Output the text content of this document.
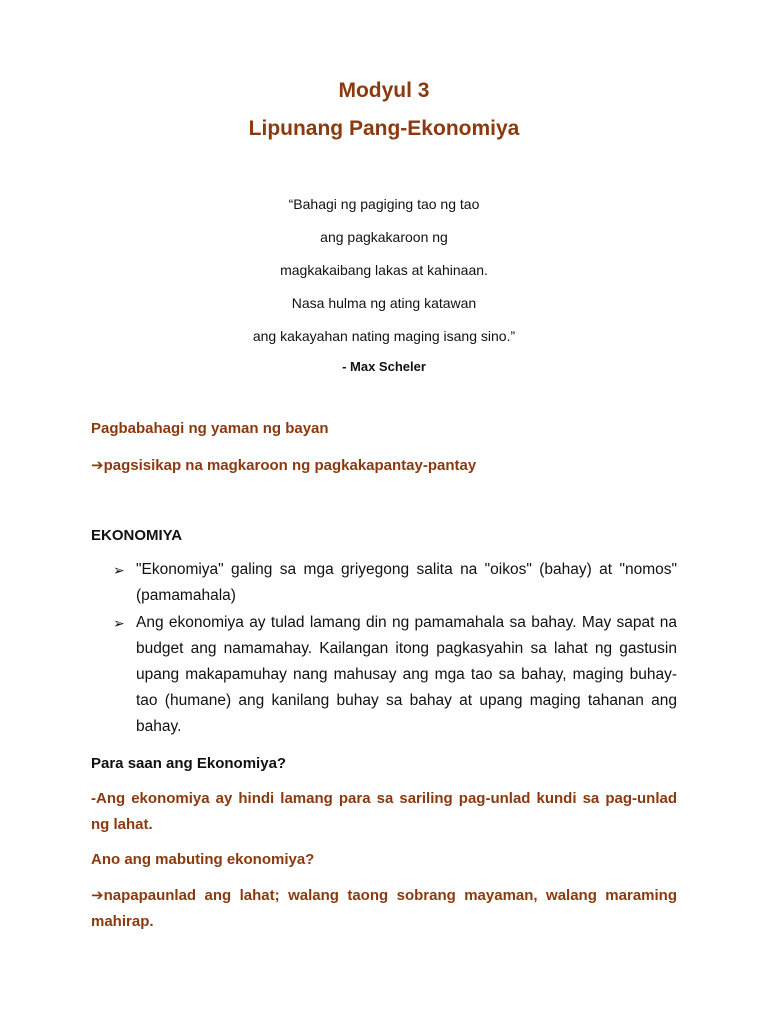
Modyul 3
Lipunang Pang-Ekonomiya
“Bahagi ng pagiging tao ng tao
ang pagkakaroon ng
magkakaibang lakas at kahinaan.
Nasa hulma ng ating katawan
ang kakayahan nating maging isang sino.”
- Max Scheler
Pagbabahagi ng yaman ng bayan
➔pagsisikap na magkaroon ng pagkakapantay-pantay
EKONOMIYA
➢ "Ekonomiya" galing sa mga griyegong salita na "oikos" (bahay) at "nomos" (pamamahala)
➢ Ang ekonomiya ay tulad lamang din ng pamamahala sa bahay. May sapat na budget ang namamahay. Kailangan itong pagkasyahin sa lahat ng gastusin upang makapamuhay nang mahusay ang mga tao sa bahay, maging buhay-tao (humane) ang kanilang buhay sa bahay at upang maging tahanan ang bahay.
Para saan ang Ekonomiya?
-Ang ekonomiya ay hindi lamang para sa sariling pag-unlad kundi sa pag-unlad ng lahat.
Ano ang mabuting ekonomiya?
➔napapaunlad ang lahat; walang taong sobrang mayaman, walang maraming mahirap.
